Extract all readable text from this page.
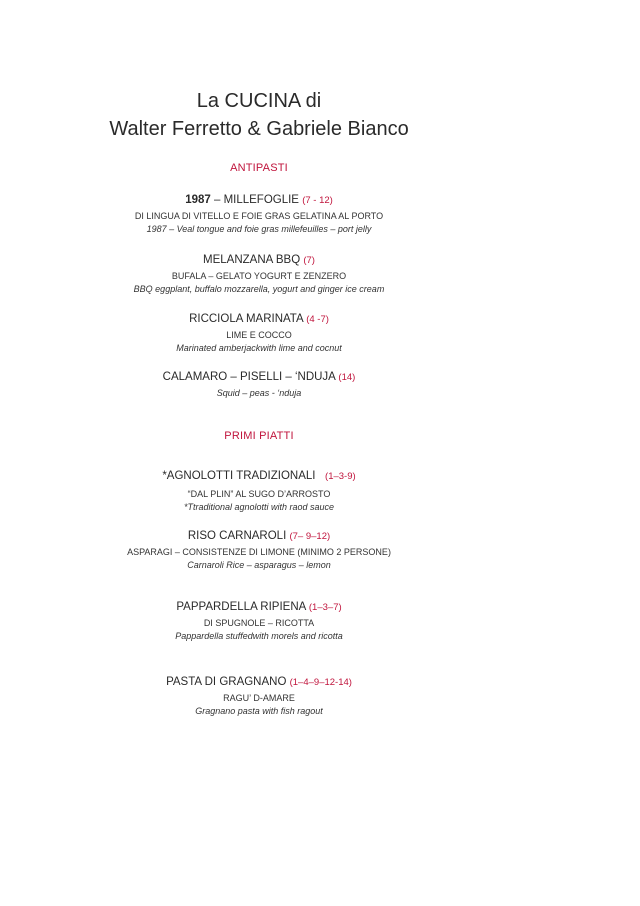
La CUCINA di
Walter Ferretto & Gabriele Bianco
ANTIPASTI
1987 – MILLEFOGLIE (7 - 12)
DI LINGUA DI VITELLO E FOIE GRAS GELATINA AL PORTO
1987 – Veal tongue and foie gras millefeuilles – port jelly
MELANZANA BBQ (7)
BUFALA – GELATO YOGURT E ZENZERO
BBQ eggplant, buffalo mozzarella, yogurt and ginger ice cream
RICCIOLA MARINATA (4 -7)
LIME E COCCO
Marinated amberjackwith lime and cocnut
CALAMARO – PISELLI – ‘NDUJA (14)
Squid – peas - ‘nduja
PRIMI PIATTI
*AGNOLOTTI TRADIZIONALI   (1–3-9)
“DAL PLIN” AL SUGO D’ARROSTO
*Ttraditional agnolotti with raod sauce
RISO CARNAROLI (7– 9–12)
ASPARAGI – CONSISTENZE DI LIMONE (MINIMO 2 PERSONE)
Carnaroli Rice – asparagus – lemon
PAPPARDELLA RIPIENA (1–3–7)
DI SPUGNOLE – RICOTTA
Pappardella stuffedwith morels and ricotta
PASTA DI GRAGNANO (1–4–9–12-14)
RAGU’ D-AMARE
Gragnano pasta with fish ragout
